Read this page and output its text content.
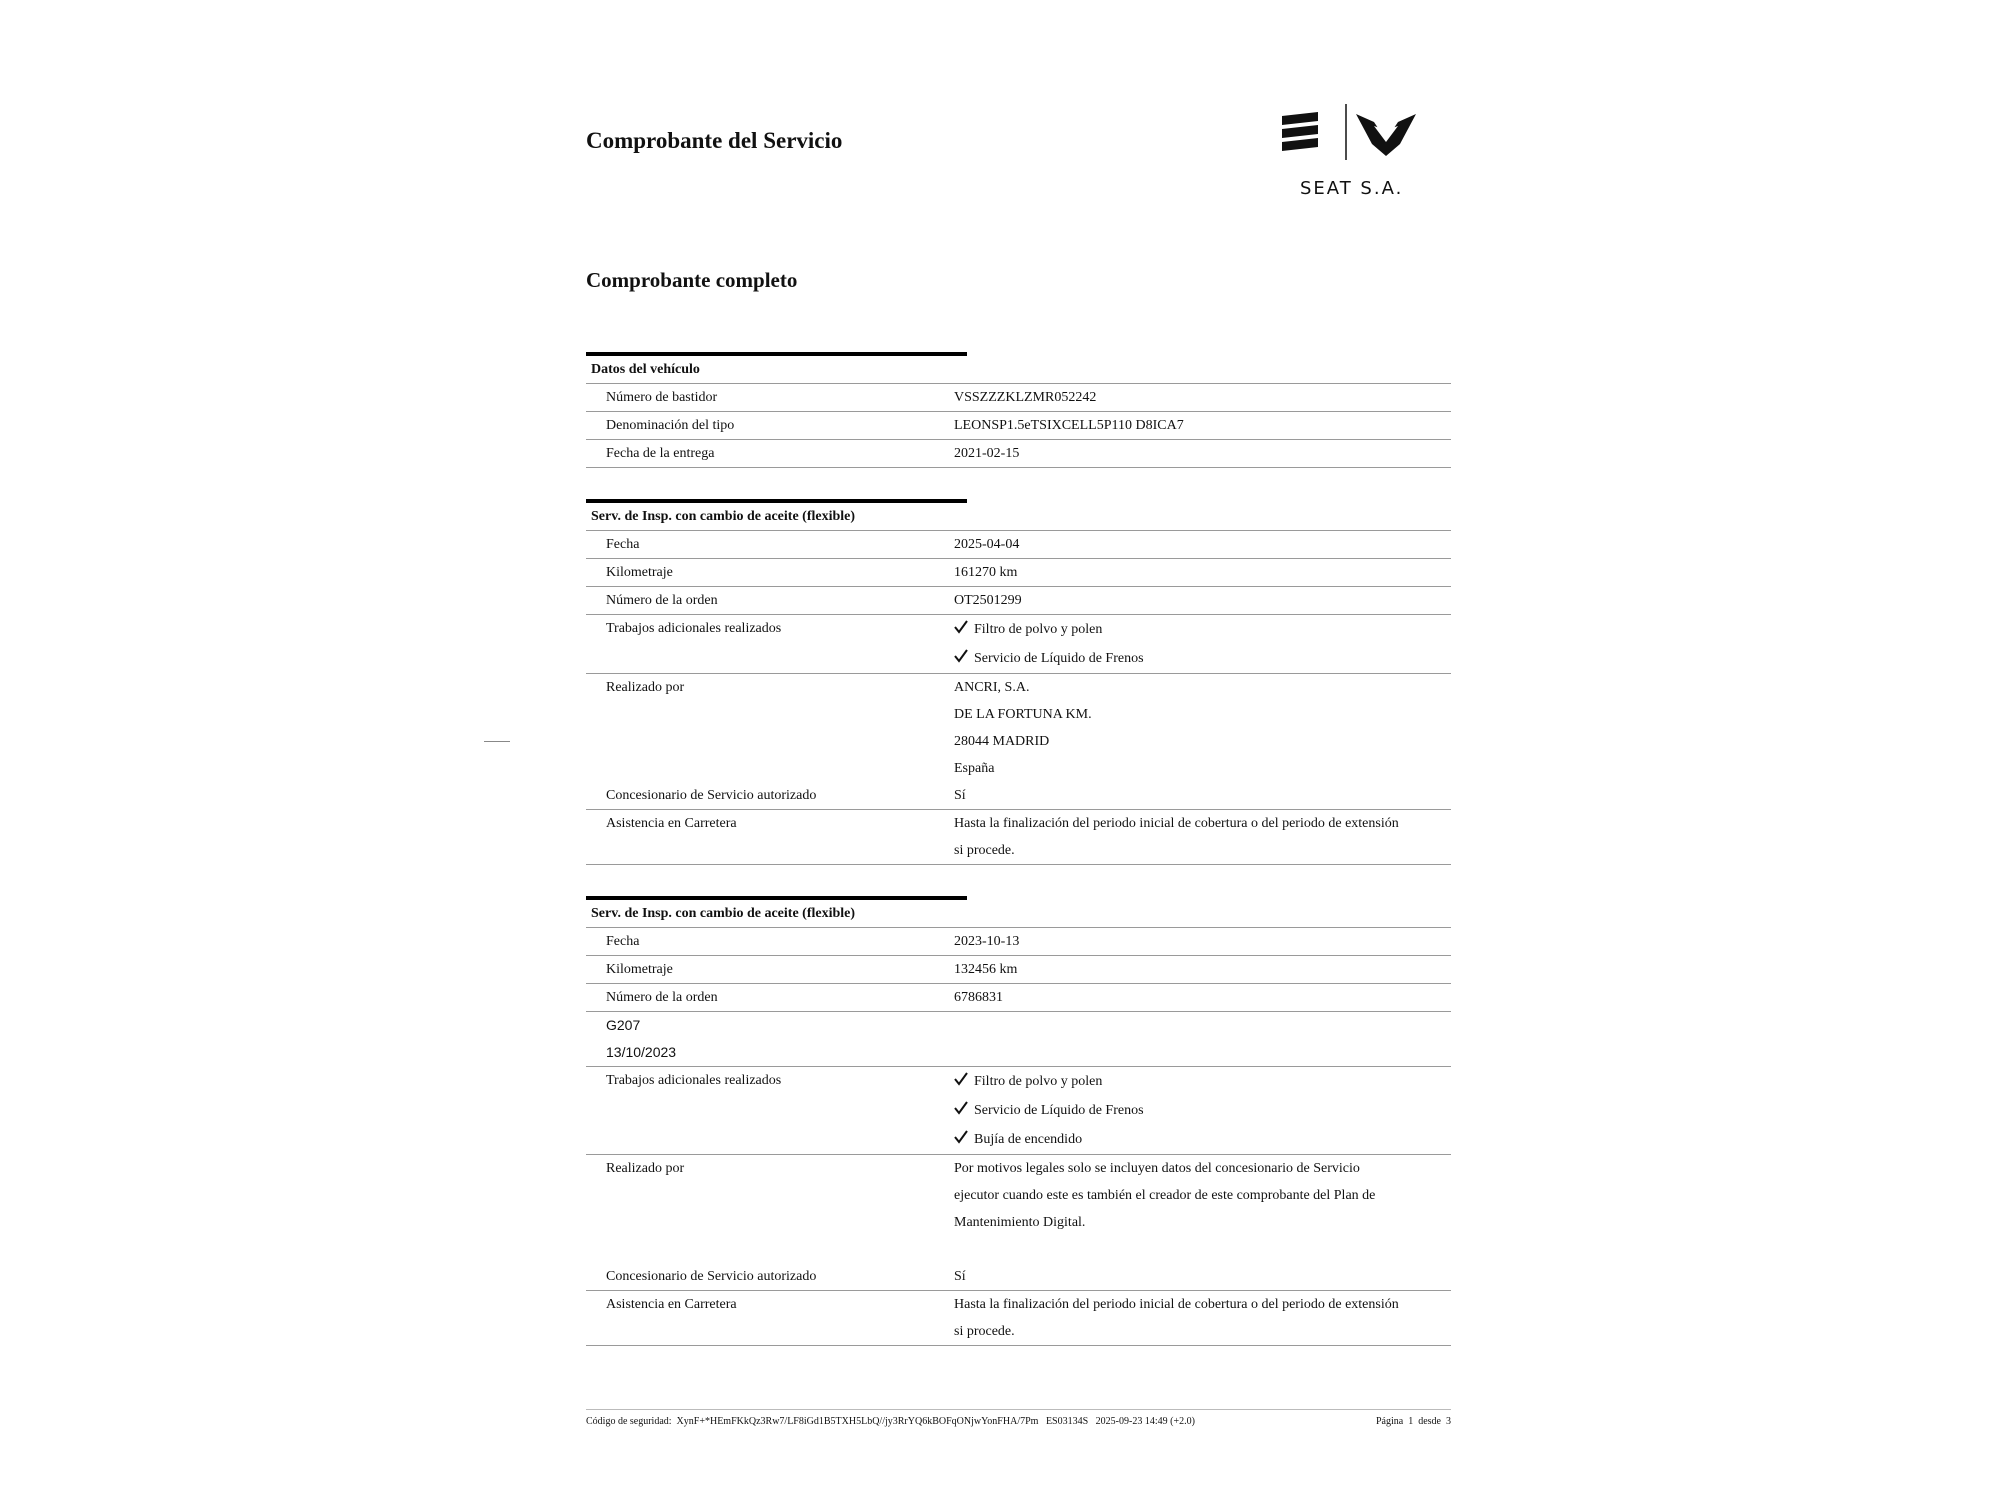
Comprobante del Servicio
SEAT S.A.
Comprobante completo
Datos del vehículo
Número de bastidor	VSSZZZKLZMR052242
Denominación del tipo	LEONSP1.5eTSIXCELL5P110 D8ICA7
Fecha de la entrega	2021-02-15
Serv. de Insp. con cambio de aceite (flexible)
Fecha	2025-04-04
Kilometraje	161270 km
Número de la orden	OT2501299
Trabajos adicionales realizados	Filtro de polvo y polen
Servicio de Líquido de Frenos
Realizado por	ANCRI, S.A.
DE LA FORTUNA KM.
28044 MADRID
España
Concesionario de Servicio autorizado	Sí
Asistencia en Carretera	Hasta la finalización del periodo inicial de cobertura o del periodo de extensión
si procede.
Serv. de Insp. con cambio de aceite (flexible)
Fecha	2023-10-13
Kilometraje	132456 km
Número de la orden	6786831
G207
13/10/2023
Trabajos adicionales realizados	Filtro de polvo y polen
Servicio de Líquido de Frenos
Bujía de encendido
Realizado por	Por motivos legales solo se incluyen datos del concesionario de Servicio
ejecutor cuando este es también el creador de este comprobante del Plan de
Mantenimiento Digital.

Concesionario de Servicio autorizado	Sí
Asistencia en Carretera	Hasta la finalización del periodo inicial de cobertura o del periodo de extensión
si procede.
Código de seguridad: XynF+*HEmFKkQz3Rw7/LF8iGd1B5TXH5LbQ//jy3RrYQ6kBOFqONjwYonFHA/7Pm ES03134S 2025-09-23 14:49 (+2.0)	Página 1 desde 3
